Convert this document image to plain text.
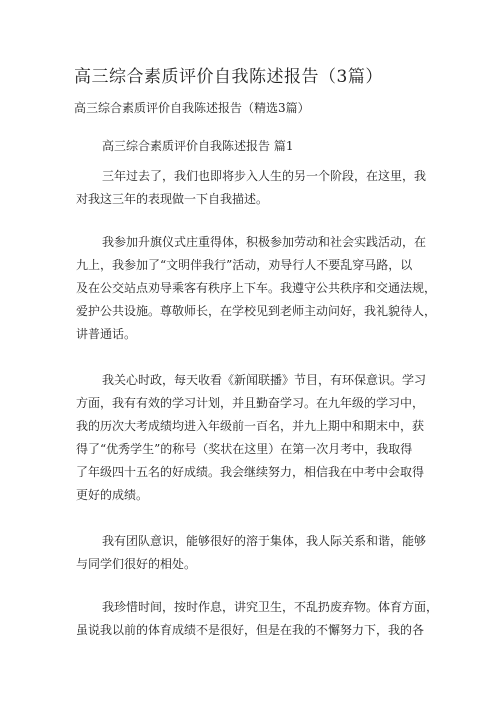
高三综合素质评价自我陈述报告（3篇）
高三综合素质评价自我陈述报告（精选3篇）
高三综合素质评价自我陈述报告 篇1
三年过去了，我们也即将步入人生的另一个阶段，在这里，我
对我这三年的表现做一下自我描述。
我参加升旗仪式庄重得体，积极参加劳动和社会实践活动，在
九上，我参加了“文明伴我行”活动，劝导行人不要乱穿马路，以
及在公交站点劝导乘客有秩序上下车。我遵守公共秩序和交通法规，
爱护公共设施。尊敬师长，在学校见到老师主动问好，我礼貌待人，
讲普通话。
我关心时政，每天收看《新闻联播》节目，有环保意识。学习
方面，我有有效的学习计划，并且勤奋学习。在九年级的学习中，
我的历次大考成绩均进入年级前一百名，并九上期中和期末中，获
得了“优秀学生”的称号（奖状在这里）在第一次月考中，我取得
了年级四十五名的好成绩。我会继续努力，相信我在中考中会取得
更好的成绩。
我有团队意识，能够很好的溶于集体，我人际关系和谐，能够
与同学们很好的相处。
我珍惜时间，按时作息，讲究卫生，不乱扔废弃物。体育方面，
虽说我以前的体育成绩不是很好，但是在我的不懈努力下，我的各
